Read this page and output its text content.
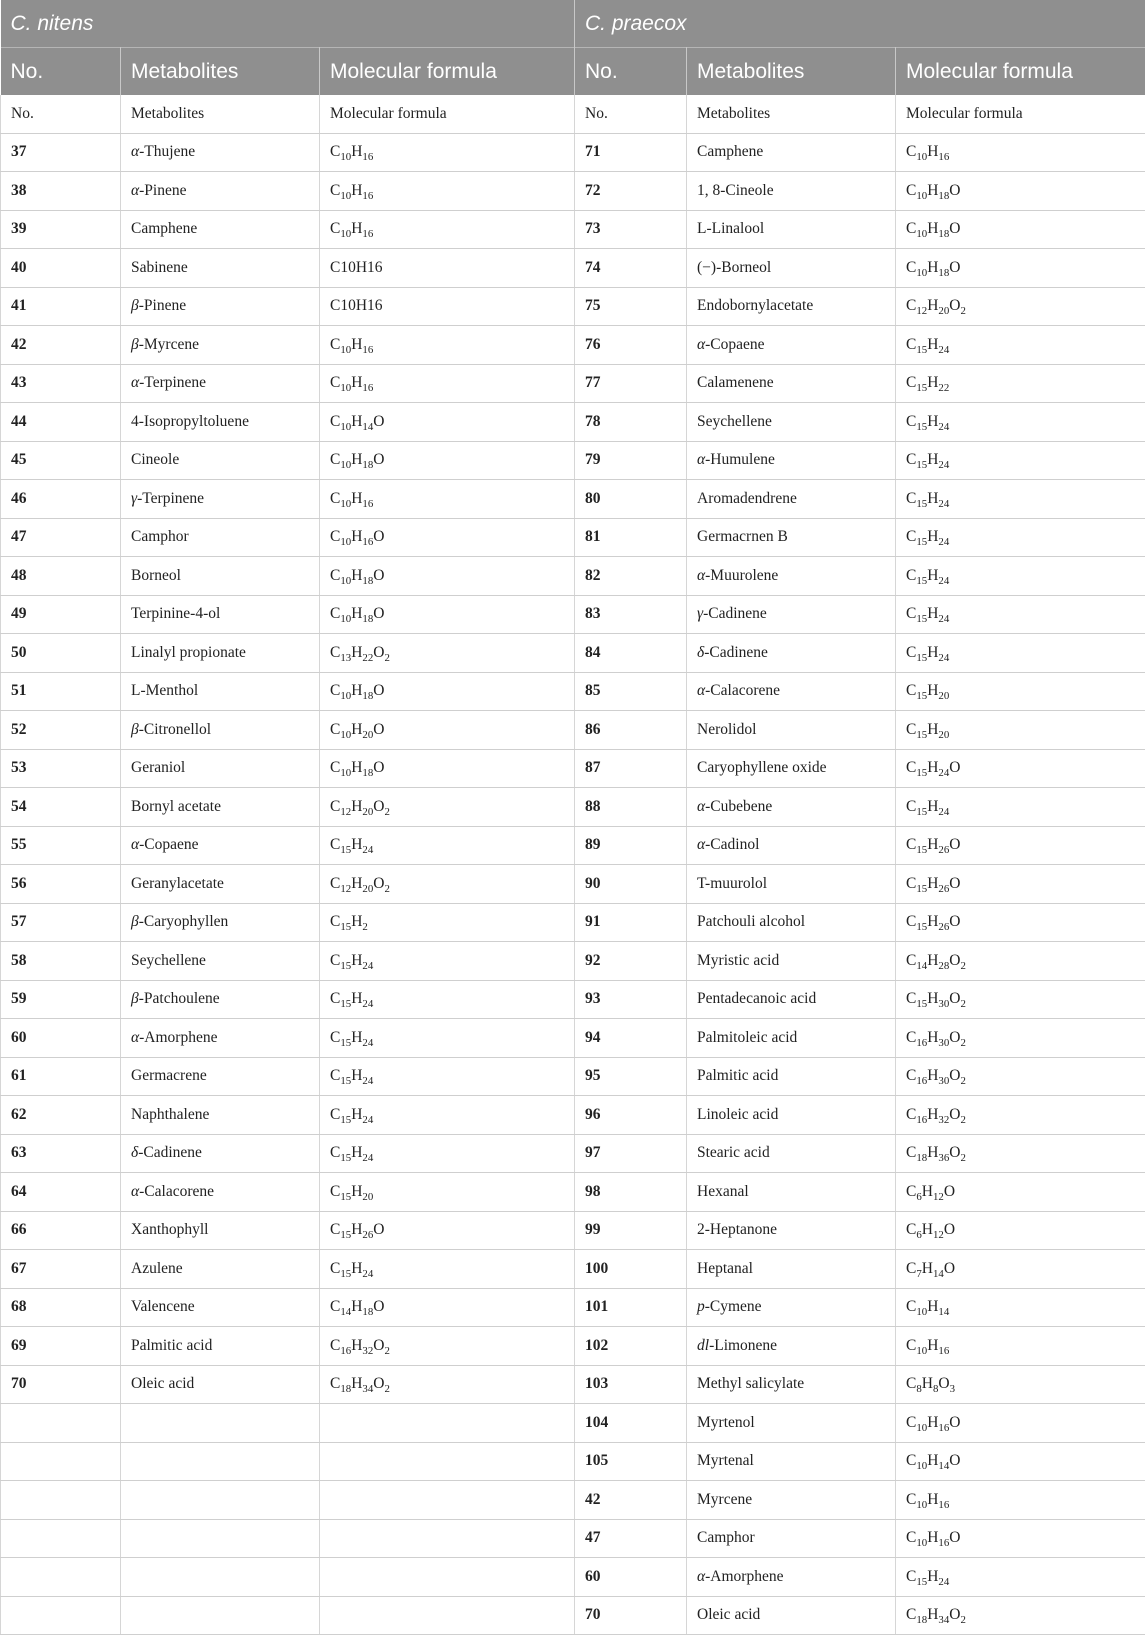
C. nitens			C. praecox		
No.	Metabolites	Molecular formula	No.	Metabolites	Molecular formula
No.	Metabolites	Molecular formula	No.	Metabolites	Molecular formula
37	α-Thujene	$C_{10}H_{16}$	71	Camphene	$C_{10}H_{16}$
38	α-Pinene	$C_{10}H_{16}$	72	1, 8-Cineole	$C_{10}H_{18}O$
39	Camphene	$C_{10}H_{16}$	73	L-Linalool	$C_{10}H_{18}O$
40	Sabinene	C10H16	74	(−)-Borneol	$C_{10}H_{18}O$
41	β-Pinene	C10H16	75	Endobornylacetate	$C_{12}H_{20}O_2$
42	β-Myrcene	$C_{10}H_{16}$	76	α-Copaene	$C_{15}H_{24}$
43	α-Terpinene	$C_{10}H_{16}$	77	Calamenene	$C_{15}H_{22}$
44	4-Isopropyltoluene	$C_{10}H_{14}O$	78	Seychellene	$C_{15}H_{24}$
45	Cineole	$C_{10}H_{18}O$	79	α-Humulene	$C_{15}H_{24}$
46	γ-Terpinene	$C_{10}H_{16}$	80	Aromadendrene	$C_{15}H_{24}$
47	Camphor	$C_{10}H_{16}O$	81	Germacrnen B	$C_{15}H_{24}$
48	Borneol	$C_{10}H_{18}O$	82	α-Muurolene	$C_{15}H_{24}$
49	Terpinine-4-ol	$C_{10}H_{18}O$	83	γ-Cadinene	$C_{15}H_{24}$
50	Linalyl propionate	$C_{13}H_{22}O_2$	84	δ-Cadinene	$C_{15}H_{24}$
51	L-Menthol	$C_{10}H_{18}O$	85	α-Calacorene	$C_{15}H_{20}$
52	β-Citronellol	$C_{10}H_{20}O$	86	Nerolidol	$C_{15}H_{20}$
53	Geraniol	$C_{10}H_{18}O$	87	Caryophyllene oxide	$C_{15}H_{24}O$
54	Bornyl acetate	$C_{12}H_{20}O_2$	88	α-Cubebene	$C_{15}H_{24}$
55	α-Copaene	$C_{15}H_{24}$	89	α-Cadinol	$C_{15}H_{26}O$
56	Geranylacetate	$C_{12}H_{20}O_2$	90	T-muurolol	$C_{15}H_{26}O$
57	β-Caryophyllen	$C_{15}H_2$	91	Patchouli alcohol	$C_{15}H_{26}O$
58	Seychellene	$C_{15}H_{24}$	92	Myristic acid	$C_{14}H_{28}O_2$
59	β-Patchoulene	$C_{15}H_{24}$	93	Pentadecanoic acid	$C_{15}H_{30}O_2$
60	α-Amorphene	$C_{15}H_{24}$	94	Palmitoleic acid	$C_{16}H_{30}O_2$
61	Germacrene	$C_{15}H_{24}$	95	Palmitic acid	$C_{16}H_{30}O_2$
62	Naphthalene	$C_{15}H_{24}$	96	Linoleic acid	$C_{16}H_{32}O_2$
63	δ-Cadinene	$C_{15}H_{24}$	97	Stearic acid	$C_{18}H_{36}O_2$
64	α-Calacorene	$C_{15}H_{20}$	98	Hexanal	$C_6H_{12}O$
66	Xanthophyll	$C_{15}H_{26}O$	99	2-Heptanone	$C_6H_{12}O$
67	Azulene	$C_{15}H_{24}$	100	Heptanal	$C_7H_{14}O$
68	Valencene	$C_{14}H_{18}O$	101	p-Cymene	$C_{10}H_{14}$
69	Palmitic acid	$C_{16}H_{32}O_2$	102	dl-Limonene	$C_{10}H_{16}$
70	Oleic acid	$C_{18}H_{34}O_2$	103	Methyl salicylate	$C_8H_8O_3$
			104	Myrtenol	$C_{10}H_{16}O$
			105	Myrtenal	$C_{10}H_{14}O$
			42	Myrcene	$C_{10}H_{16}$
			47	Camphor	$C_{10}H_{16}O$
			60	α-Amorphene	$C_{15}H_{24}$
			70	Oleic acid	$C_{18}H_{34}O_2$
